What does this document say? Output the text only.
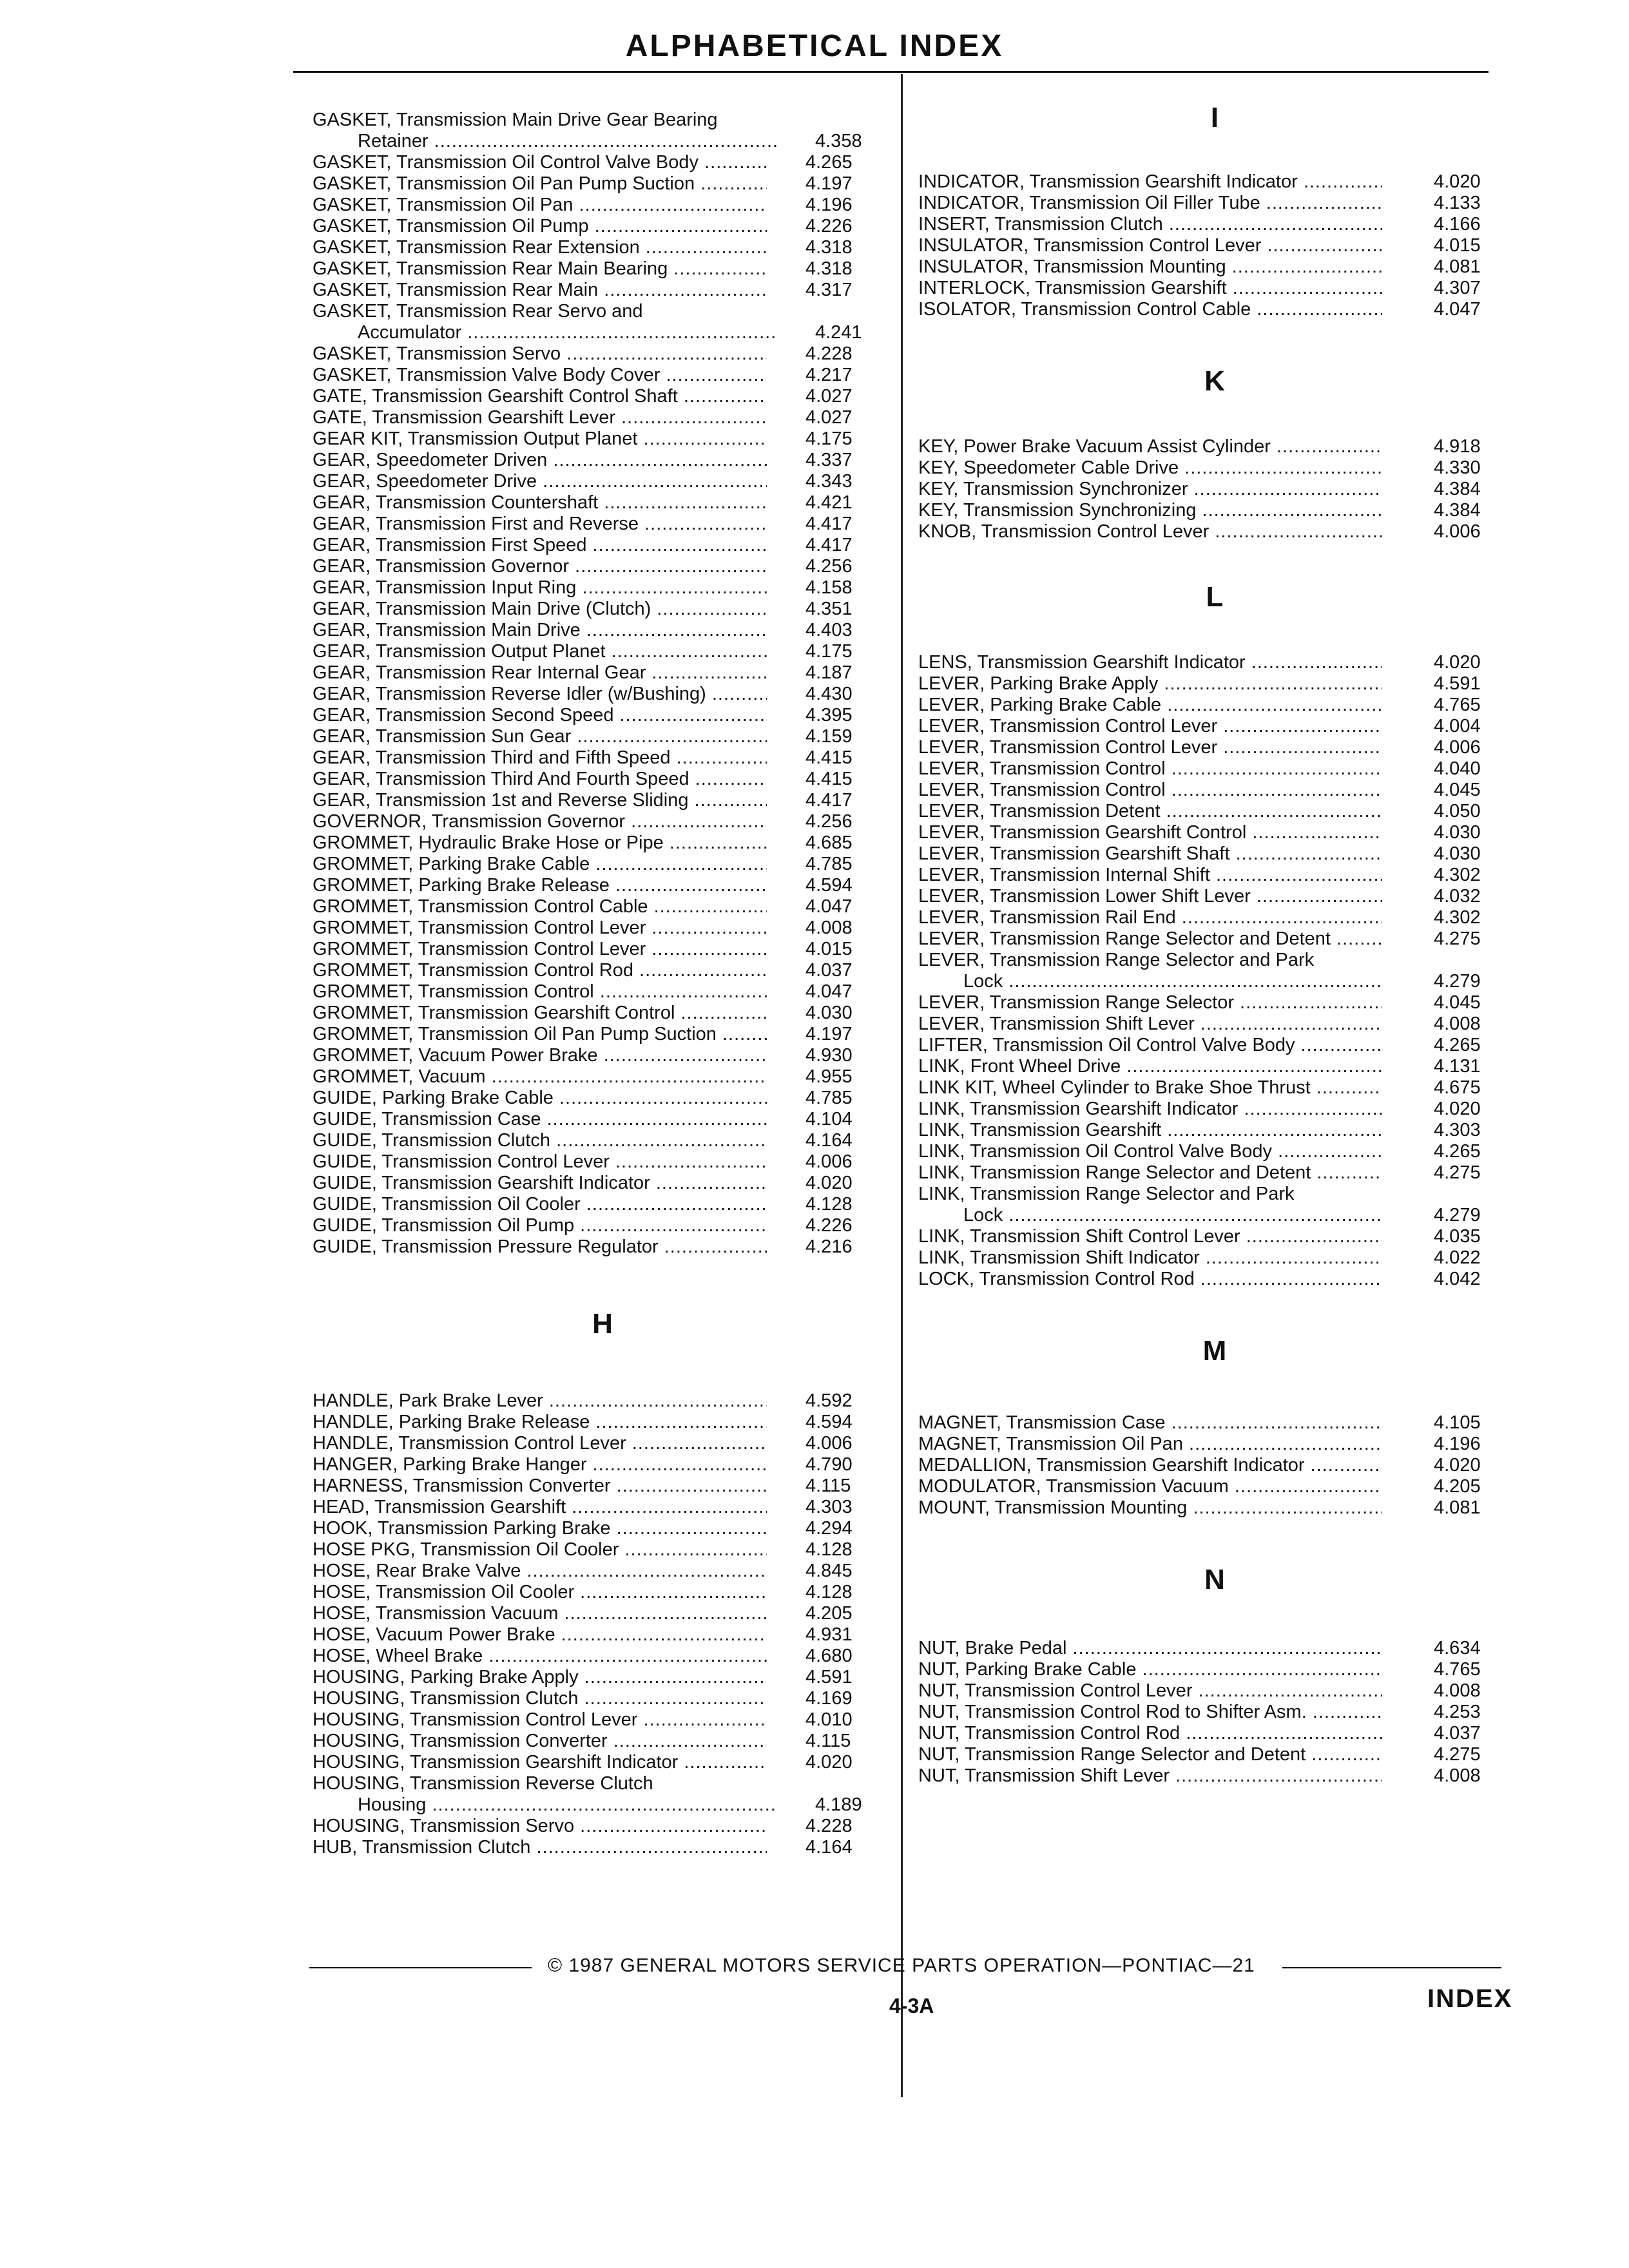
ALPHABETICAL INDEX
GASKET, Transmission Main Drive Gear Bearing
Retainer .....	4.358
GASKET, Transmission Oil Control Valve Body .....	4.265
GASKET, Transmission Oil Pan Pump Suction .....	4.197
GASKET, Transmission Oil Pan .....	4.196
GASKET, Transmission Oil Pump .....	4.226
GASKET, Transmission Rear Extension .....	4.318
GASKET, Transmission Rear Main Bearing .....	4.318
GASKET, Transmission Rear Main .....	4.317
GASKET, Transmission Rear Servo and
Accumulator .....	4.241
GASKET, Transmission Servo .....	4.228
GASKET, Transmission Valve Body Cover .....	4.217
GATE, Transmission Gearshift Control Shaft .....	4.027
GATE, Transmission Gearshift Lever .....	4.027
GEAR KIT, Transmission Output Planet .....	4.175
GEAR, Speedometer Driven .....	4.337
GEAR, Speedometer Drive .....	4.343
GEAR, Transmission Countershaft .....	4.421
GEAR, Transmission First and Reverse .....	4.417
GEAR, Transmission First Speed .....	4.417
GEAR, Transmission Governor .....	4.256
GEAR, Transmission Input Ring .....	4.158
GEAR, Transmission Main Drive (Clutch) .....	4.351
GEAR, Transmission Main Drive .....	4.403
GEAR, Transmission Output Planet .....	4.175
GEAR, Transmission Rear Internal Gear .....	4.187
GEAR, Transmission Reverse Idler (w/Bushing) .....	4.430
GEAR, Transmission Second Speed .....	4.395
GEAR, Transmission Sun Gear .....	4.159
GEAR, Transmission Third and Fifth Speed .....	4.415
GEAR, Transmission Third And Fourth Speed .....	4.415
GEAR, Transmission 1st and Reverse Sliding .....	4.417
GOVERNOR, Transmission Governor .....	4.256
GROMMET, Hydraulic Brake Hose or Pipe .....	4.685
GROMMET, Parking Brake Cable .....	4.785
GROMMET, Parking Brake Release .....	4.594
GROMMET, Transmission Control Cable .....	4.047
GROMMET, Transmission Control Lever .....	4.008
GROMMET, Transmission Control Lever .....	4.015
GROMMET, Transmission Control Rod .....	4.037
GROMMET, Transmission Control .....	4.047
GROMMET, Transmission Gearshift Control .....	4.030
GROMMET, Transmission Oil Pan Pump Suction .....	4.197
GROMMET, Vacuum Power Brake .....	4.930
GROMMET, Vacuum .....	4.955
GUIDE, Parking Brake Cable .....	4.785
GUIDE, Transmission Case .....	4.104
GUIDE, Transmission Clutch .....	4.164
GUIDE, Transmission Control Lever .....	4.006
GUIDE, Transmission Gearshift Indicator .....	4.020
GUIDE, Transmission Oil Cooler .....	4.128
GUIDE, Transmission Oil Pump .....	4.226
GUIDE, Transmission Pressure Regulator .....	4.216
H
HANDLE, Park Brake Lever .....	4.592
HANDLE, Parking Brake Release .....	4.594
HANDLE, Transmission Control Lever .....	4.006
HANGER, Parking Brake Hanger .....	4.790
HARNESS, Transmission Converter .....	4.115
HEAD, Transmission Gearshift .....	4.303
HOOK, Transmission Parking Brake .....	4.294
HOSE PKG, Transmission Oil Cooler .....	4.128
HOSE, Rear Brake Valve .....	4.845
HOSE, Transmission Oil Cooler .....	4.128
HOSE, Transmission Vacuum .....	4.205
HOSE, Vacuum Power Brake .....	4.931
HOSE, Wheel Brake .....	4.680
HOUSING, Parking Brake Apply .....	4.591
HOUSING, Transmission Clutch .....	4.169
HOUSING, Transmission Control Lever .....	4.010
HOUSING, Transmission Converter .....	4.115
HOUSING, Transmission Gearshift Indicator .....	4.020
HOUSING, Transmission Reverse Clutch
Housing .....	4.189
HOUSING, Transmission Servo .....	4.228
HUB, Transmission Clutch .....	4.164
I
INDICATOR, Transmission Gearshift Indicator .....	4.020
INDICATOR, Transmission Oil Filler Tube .....	4.133
INSERT, Transmission Clutch .....	4.166
INSULATOR, Transmission Control Lever .....	4.015
INSULATOR, Transmission Mounting .....	4.081
INTERLOCK, Transmission Gearshift .....	4.307
ISOLATOR, Transmission Control Cable .....	4.047
K
KEY, Power Brake Vacuum Assist Cylinder .....	4.918
KEY, Speedometer Cable Drive .....	4.330
KEY, Transmission Synchronizer .....	4.384
KEY, Transmission Synchronizing .....	4.384
KNOB, Transmission Control Lever .....	4.006
L
LENS, Transmission Gearshift Indicator .....	4.020
LEVER, Parking Brake Apply .....	4.591
LEVER, Parking Brake Cable .....	4.765
LEVER, Transmission Control Lever .....	4.004
LEVER, Transmission Control Lever .....	4.006
LEVER, Transmission Control .....	4.040
LEVER, Transmission Control .....	4.045
LEVER, Transmission Detent .....	4.050
LEVER, Transmission Gearshift Control .....	4.030
LEVER, Transmission Gearshift Shaft .....	4.030
LEVER, Transmission Internal Shift .....	4.302
LEVER, Transmission Lower Shift Lever .....	4.032
LEVER, Transmission Rail End .....	4.302
LEVER, Transmission Range Selector and Detent .....	4.275
LEVER, Transmission Range Selector and Park
Lock .....	4.279
LEVER, Transmission Range Selector .....	4.045
LEVER, Transmission Shift Lever .....	4.008
LIFTER, Transmission Oil Control Valve Body .....	4.265
LINK, Front Wheel Drive .....	4.131
LINK KIT, Wheel Cylinder to Brake Shoe Thrust .....	4.675
LINK, Transmission Gearshift Indicator .....	4.020
LINK, Transmission Gearshift .....	4.303
LINK, Transmission Oil Control Valve Body .....	4.265
LINK, Transmission Range Selector and Detent .....	4.275
LINK, Transmission Range Selector and Park
Lock .....	4.279
LINK, Transmission Shift Control Lever .....	4.035
LINK, Transmission Shift Indicator .....	4.022
LOCK, Transmission Control Rod .....	4.042
M
MAGNET, Transmission Case .....	4.105
MAGNET, Transmission Oil Pan .....	4.196
MEDALLION, Transmission Gearshift Indicator .....	4.020
MODULATOR, Transmission Vacuum .....	4.205
MOUNT, Transmission Mounting .....	4.081
N
NUT, Brake Pedal .....	4.634
NUT, Parking Brake Cable .....	4.765
NUT, Transmission Control Lever .....	4.008
NUT, Transmission Control Rod to Shifter Asm. .....	4.253
NUT, Transmission Control Rod .....	4.037
NUT, Transmission Range Selector and Detent .....	4.275
NUT, Transmission Shift Lever .....	4.008
© 1987 GENERAL MOTORS SERVICE PARTS OPERATION—PONTIAC—21
4-3A	INDEX
